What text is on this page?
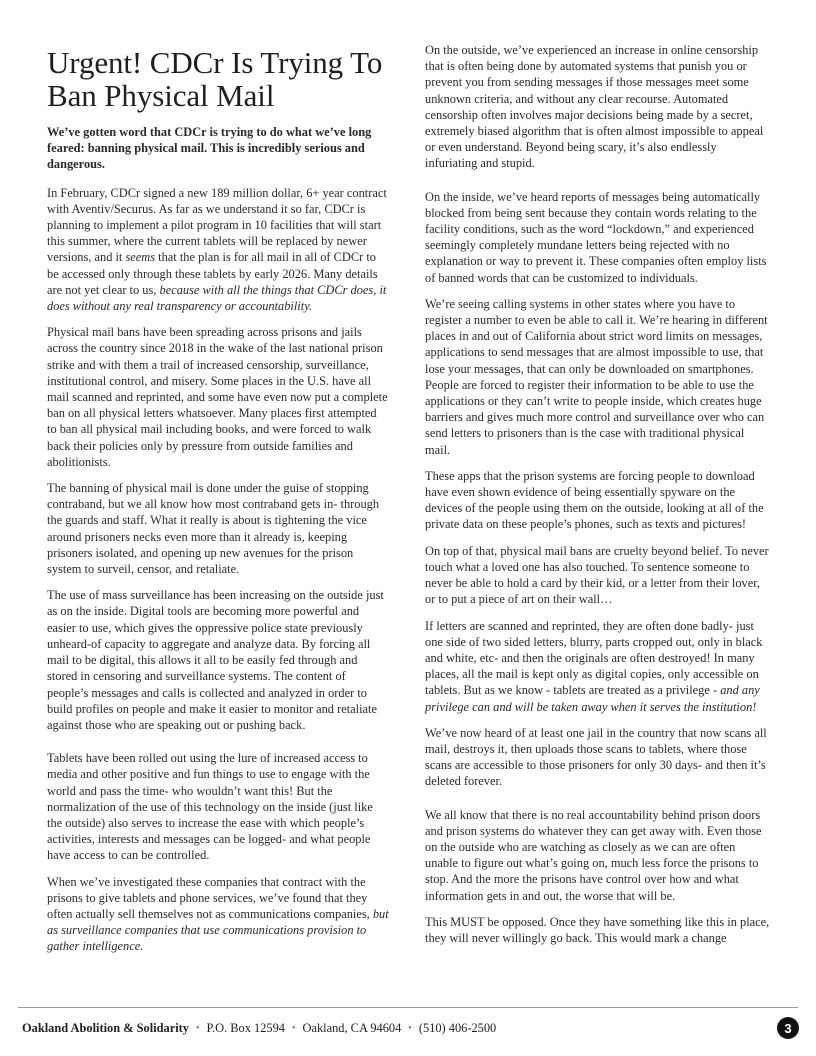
Urgent! CDCr Is Trying To Ban Physical Mail

We’ve gotten word that CDCr is trying to do what we’ve long feared: banning physical mail. This is incredibly serious and dangerous.

In February, CDCr signed a new 189 million dollar, 6+ year contract with Aventiv/Securus. As far as we understand it so far, CDCr is planning to implement a pilot program in 10 facilities that will start this summer, where the current tablets will be replaced by newer versions, and it seems that the plan is for all mail in all of CDCr to be accessed only through these tablets by early 2026. Many details are not yet clear to us, because with all the things that CDCr does, it does without any real transparency or accountability.

Physical mail bans have been spreading across prisons and jails across the country since 2018 in the wake of the last national prison strike and with them a trail of increased censorship, surveillance, institutional control, and misery. Some places in the U.S. have all mail scanned and reprinted, and some have even now put a complete ban on all physical letters whatsoever. Many places first attempted to ban all physical mail including books, and were forced to walk back their policies only by pressure from outside families and abolitionists.

The banning of physical mail is done under the guise of stopping contraband, but we all know how most contraband gets in- through the guards and staff. What it really is about is tightening the vice around prisoners necks even more than it already is, keeping prisoners isolated, and opening up new avenues for the prison system to surveil, censor, and retaliate.

The use of mass surveillance has been increasing on the outside just as on the inside. Digital tools are becoming more powerful and easier to use, which gives the oppressive police state previously unheard-of capacity to aggregate and analyze data. By forcing all mail to be digital, this allows it all to be easily fed through and stored in censoring and surveillance systems. The content of people’s messages and calls is collected and analyzed in order to build profiles on people and make it easier to monitor and retaliate against those who are speaking out or pushing back.

Tablets have been rolled out using the lure of increased access to media and other positive and fun things to use to engage with the world and pass the time- who wouldn’t want this! But the normalization of the use of this technology on the inside (just like the outside) also serves to increase the ease with which people’s activities, interests and messages can be logged- and what people have access to can be controlled.

When we’ve investigated these companies that contract with the prisons to give tablets and phone services, we’ve found that they often actually sell themselves not as communications companies, but as surveillance companies that use communications provision to gather intelligence.

On the outside, we’ve experienced an increase in online censorship that is often being done by automated systems that punish you or prevent you from sending messages if those messages meet some unknown criteria, and without any clear recourse. Automated censorship often involves major decisions being made by a secret, extremely biased algorithm that is often almost impossible to appeal or even understand. Beyond being scary, it’s also endlessly infuriating and stupid.

On the inside, we’ve heard reports of messages being automatically blocked from being sent because they contain words relating to the facility conditions, such as the word “lockdown,” and experienced seemingly completely mundane letters being rejected with no explanation or way to prevent it. These companies often employ lists of banned words that can be customized to individuals.

We’re seeing calling systems in other states where you have to register a number to even be able to call it. We’re hearing in different places in and out of California about strict word limits on messages, applications to send messages that are almost impossible to use, that lose your messages, that can only be downloaded on smartphones. People are forced to register their information to be able to use the applications or they can’t write to people inside, which creates huge barriers and gives much more control and surveillance over who can send letters to prisoners than is the case with traditional physical mail.

These apps that the prison systems are forcing people to download have even shown evidence of being essentially spyware on the devices of the people using them on the outside, looking at all of the private data on these people’s phones, such as texts and pictures!

On top of that, physical mail bans are cruelty beyond belief. To never touch what a loved one has also touched. To sentence someone to never be able to hold a card by their kid, or a letter from their lover, or to put a piece of art on their wall…

If letters are scanned and reprinted, they are often done badly- just one side of two sided letters, blurry, parts cropped out, only in black and white, etc- and then the originals are often destroyed! In many places, all the mail is kept only as digital copies, only accessible on tablets. But as we know - tablets are treated as a privilege - and any privilege can and will be taken away when it serves the institution!

We’ve now heard of at least one jail in the country that now scans all mail, destroys it, then uploads those scans to tablets, where those scans are accessible to those prisoners for only 30 days- and then it’s deleted forever.

We all know that there is no real accountability behind prison doors and prison systems do whatever they can get away with. Even those on the outside who are watching as closely as we can are often unable to figure out what’s going on, much less force the prisons to stop. And the more the prisons have control over how and what information gets in and out, the worse that will be.

This MUST be opposed. Once they have something like this in place, they will never willingly go back. This would mark a change

Oakland Abolition & Solidarity • P.O. Box 12594 • Oakland, CA 94604 • (510) 406-2500	3
